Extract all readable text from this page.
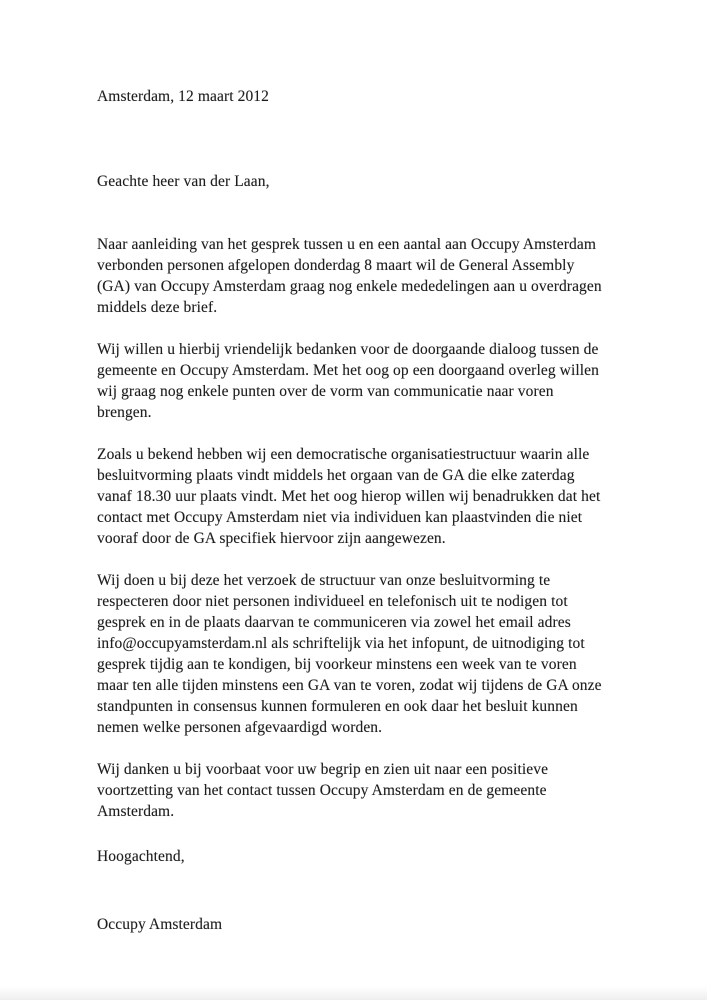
Amsterdam, 12 maart 2012
Geachte heer van der Laan,

Naar aanleiding van het gesprek tussen u en een aantal aan Occupy Amsterdam verbonden personen afgelopen donderdag 8 maart wil de General Assembly (GA) van Occupy Amsterdam graag nog enkele mededelingen aan u overdragen middels deze brief.

Wij willen u hierbij vriendelijk bedanken voor de doorgaande dialoog tussen de gemeente en Occupy Amsterdam. Met het oog op een doorgaand overleg willen wij graag nog enkele punten over de vorm van communicatie naar voren brengen.

Zoals u bekend hebben wij een democratische organisatiestructuur waarin alle besluitvorming plaats vindt middels het orgaan van de GA die elke zaterdag vanaf 18.30 uur plaats vindt. Met het oog hierop willen wij benadrukken dat het contact met Occupy Amsterdam niet via individuen kan plaastvinden die niet vooraf door de GA specifiek hiervoor zijn aangewezen.

Wij doen u bij deze het verzoek de structuur van onze besluitvorming te respecteren door niet personen individueel en telefonisch uit te nodigen tot gesprek en in de plaats daarvan te communiceren via zowel het email adres info@occupyamsterdam.nl als schriftelijk via het infopunt, de uitnodiging tot gesprek tijdig aan te kondigen, bij voorkeur minstens een week van te voren maar ten alle tijden minstens een GA van te voren, zodat wij tijdens de GA onze standpunten in consensus kunnen formuleren en ook daar het besluit kunnen nemen welke personen afgevaardigd worden.

Wij danken u bij voorbaat voor uw begrip en zien uit naar een positieve voortzetting van het contact tussen Occupy Amsterdam en de gemeente Amsterdam.

Hoogachtend,
Occupy Amsterdam
